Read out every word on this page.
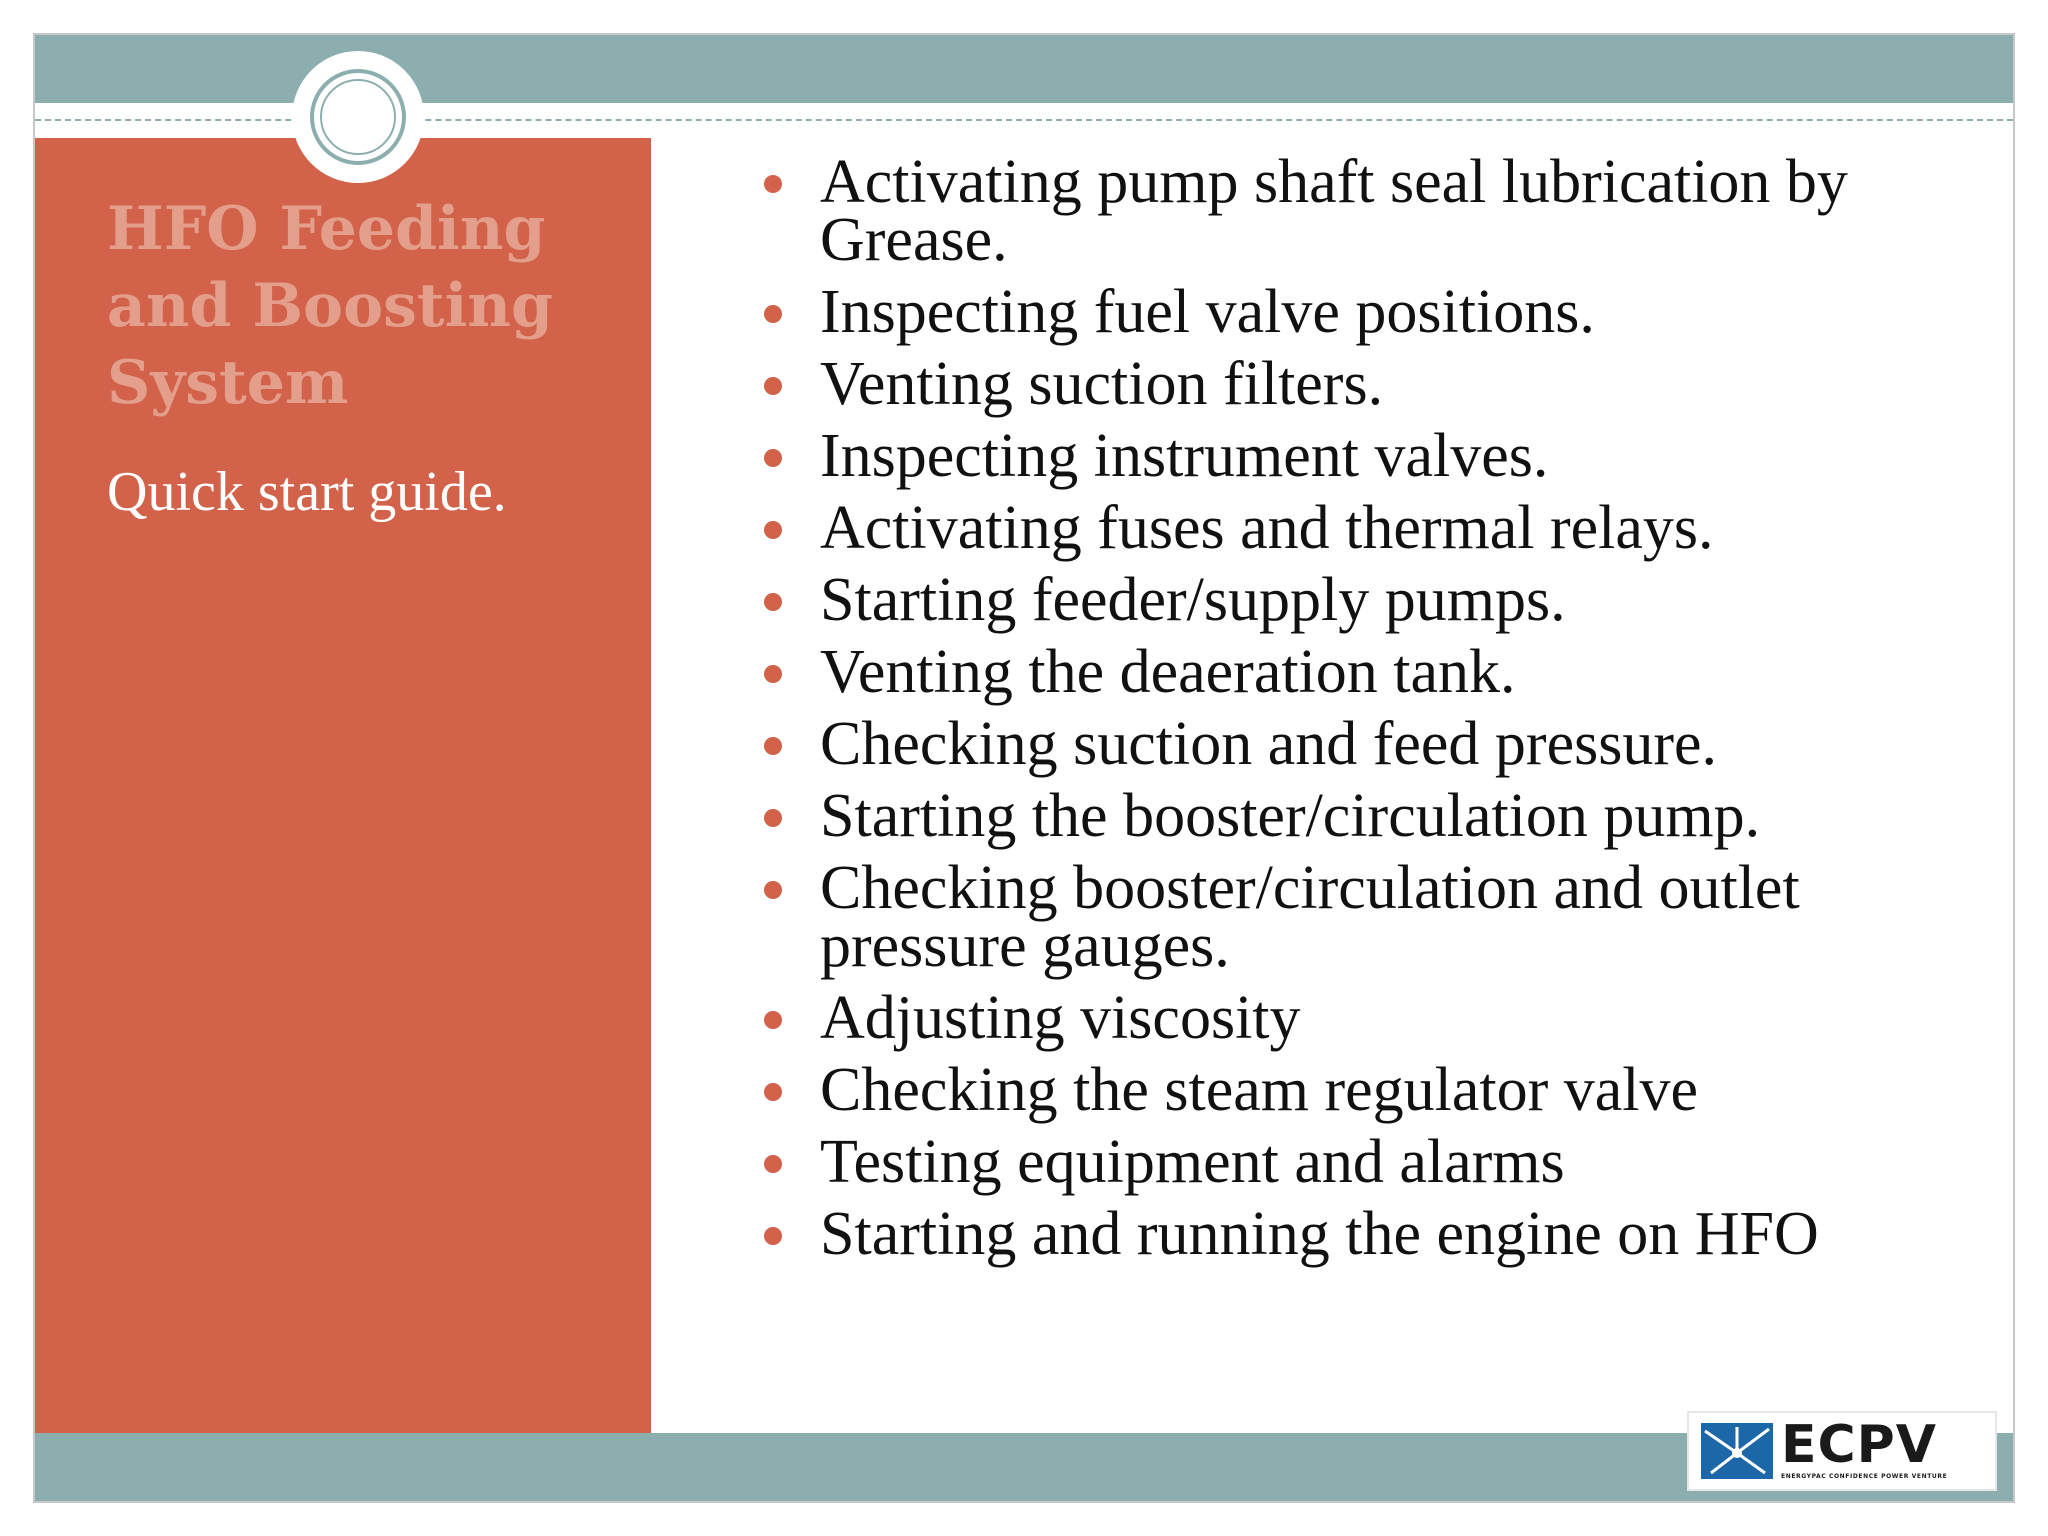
HFO Feeding and Boosting System

Quick start guide.

Activating pump shaft seal lubrication by Grease.
Inspecting fuel valve positions.
Venting suction filters.
Inspecting instrument valves.
Activating fuses and thermal relays.
Starting feeder/supply pumps.
Venting the deaeration tank.
Checking suction and feed pressure.
Starting the booster/circulation pump.
Checking booster/circulation and outlet pressure gauges.
Adjusting viscosity
Checking the steam regulator valve
Testing equipment and alarms
Starting and running the engine on HFO
ECPV
ENERGYPAC CONFIDENCE POWER VENTURE
